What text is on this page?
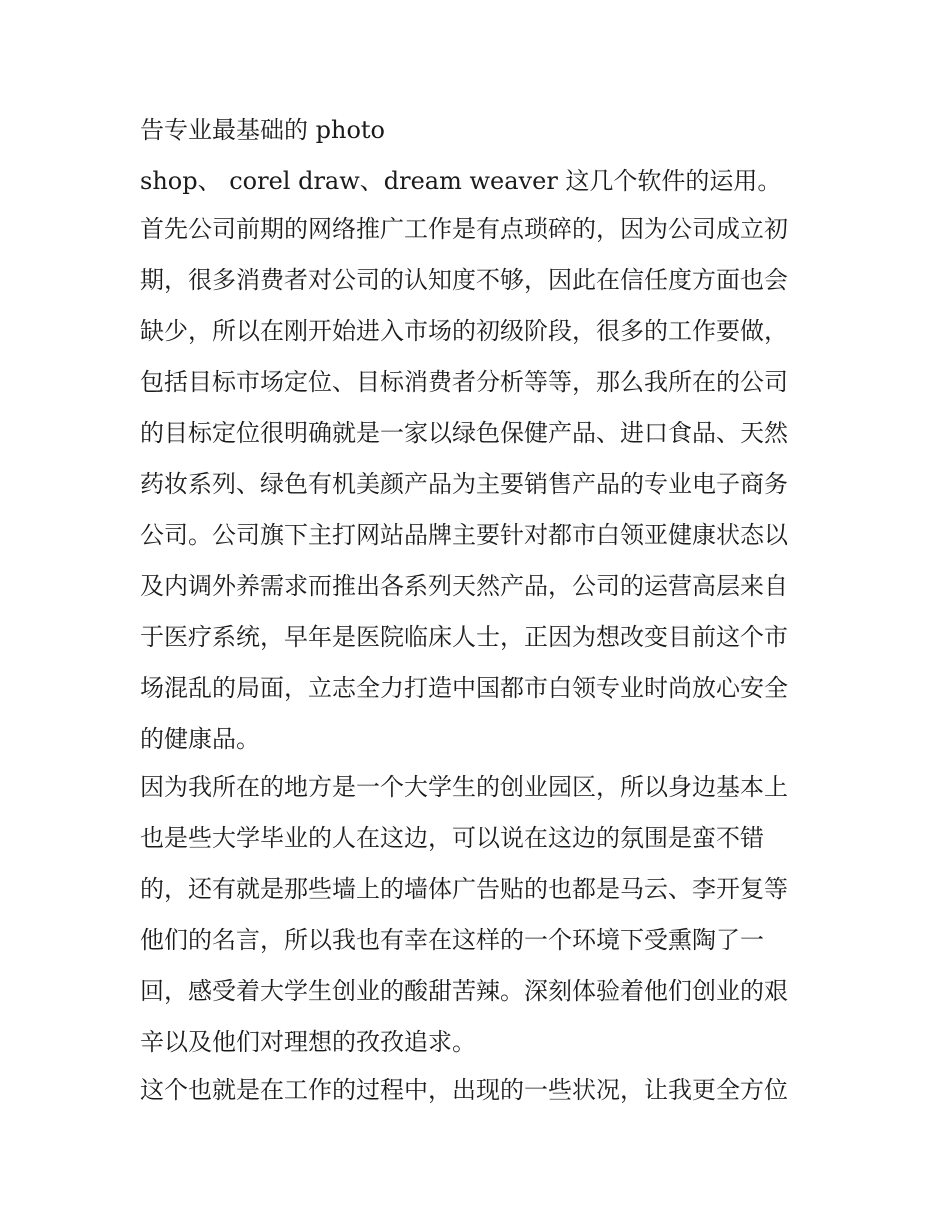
告专业最基础的 photo
shop、 corel draw、dream weaver 这几个软件的运用。
首先公司前期的网络推广工作是有点琐碎的，因为公司成立初
期，很多消费者对公司的认知度不够，因此在信任度方面也会
缺少，所以在刚开始进入市场的初级阶段，很多的工作要做，
包括目标市场定位、目标消费者分析等等，那么我所在的公司
的目标定位很明确就是一家以绿色保健产品、进口食品、天然
药妆系列、绿色有机美颜产品为主要销售产品的专业电子商务
公司。公司旗下主打网站品牌主要针对都市白领亚健康状态以
及内调外养需求而推出各系列天然产品，公司的运营高层来自
于医疗系统，早年是医院临床人士，正因为想改变目前这个市
场混乱的局面，立志全力打造中国都市白领专业时尚放心安全
的健康品。
因为我所在的地方是一个大学生的创业园区，所以身边基本上
也是些大学毕业的人在这边，可以说在这边的氛围是蛮不错
的，还有就是那些墙上的墙体广告贴的也都是马云、李开复等
他们的名言，所以我也有幸在这样的一个环境下受熏陶了一
回，感受着大学生创业的酸甜苦辣。深刻体验着他们创业的艰
辛以及他们对理想的孜孜追求。
这个也就是在工作的过程中，出现的一些状况，让我更全方位
